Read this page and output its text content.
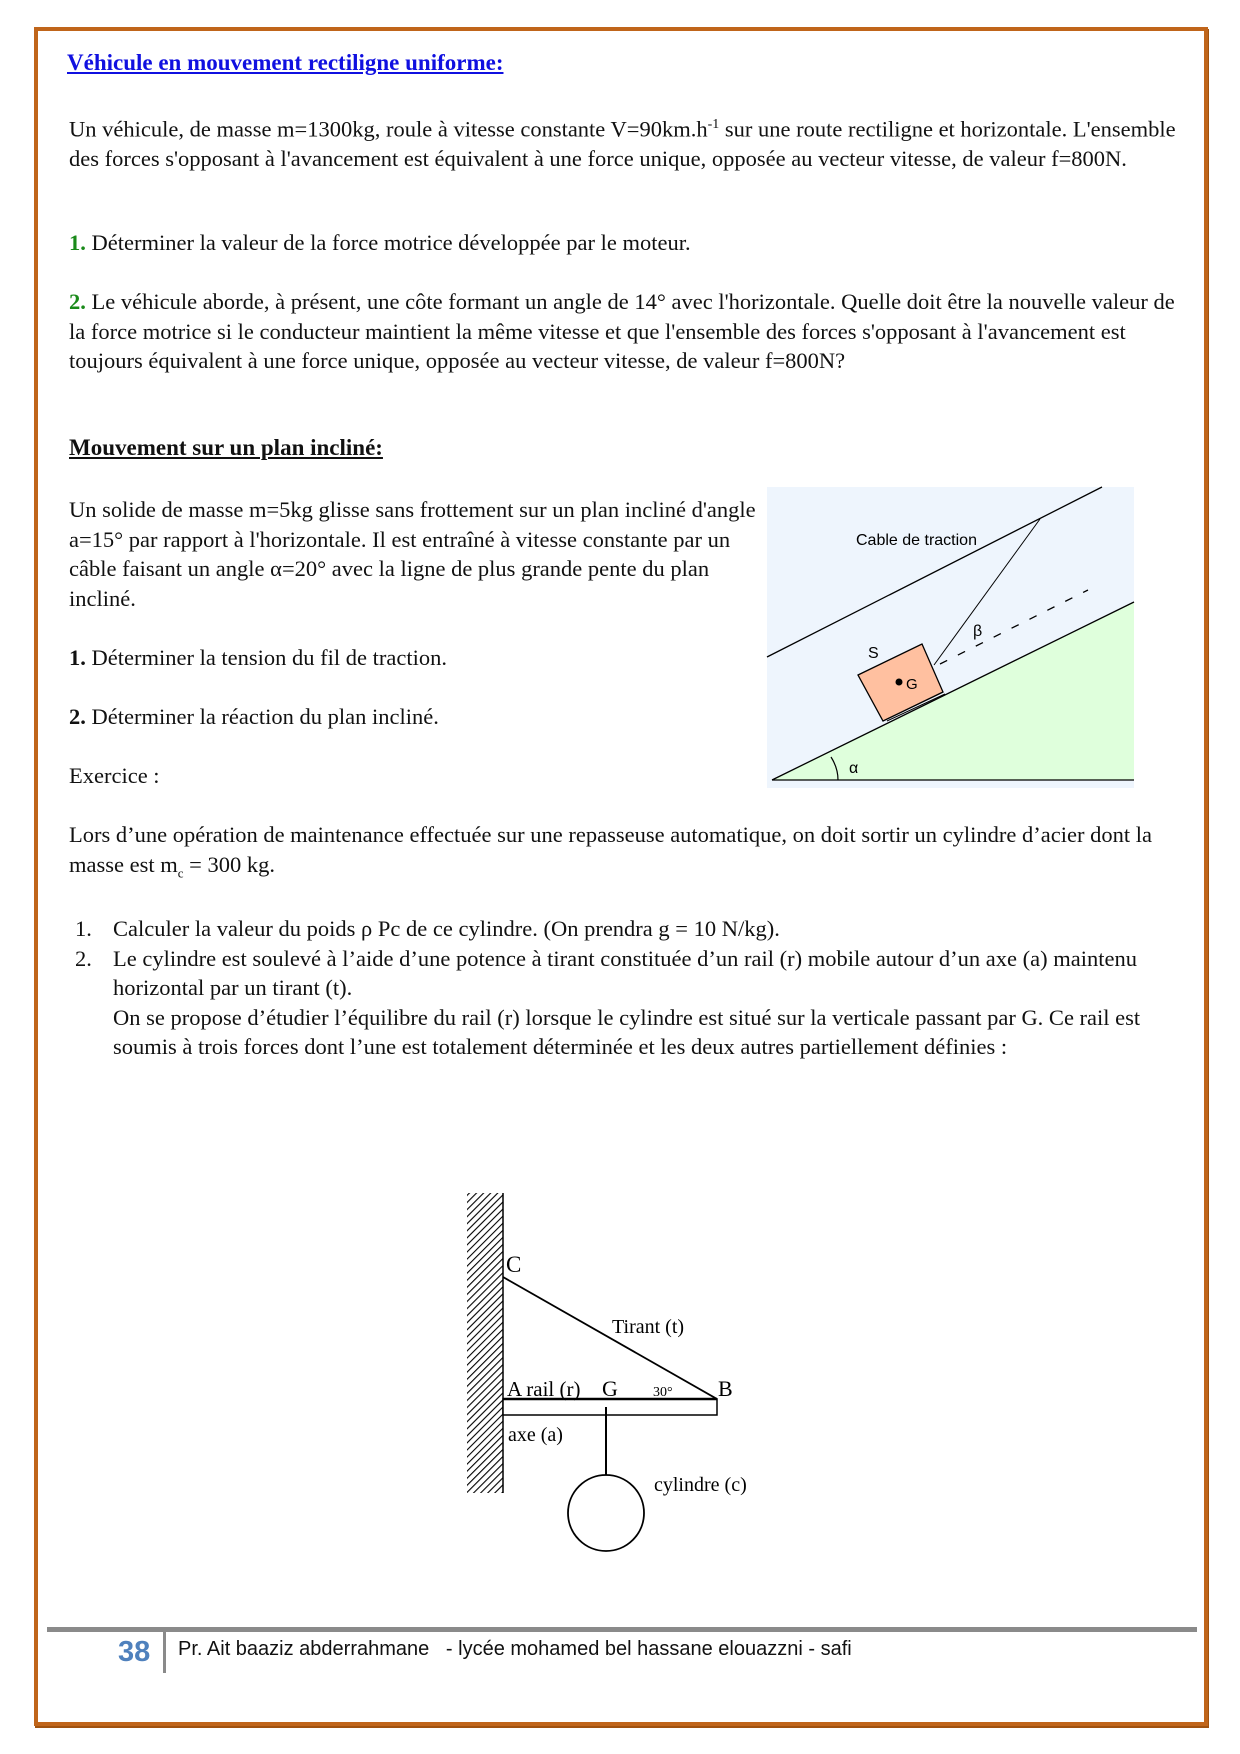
Véhicule en mouvement rectiligne uniforme:

Un véhicule, de masse m=1300kg, roule à vitesse constante $V=90km.h^{-1}$ sur une route rectiligne et horizontale. L'ensemble des forces s'opposant à l'avancement est équivalent à une force unique, opposée au vecteur vitesse, de valeur f=800N.

1. Déterminer la valeur de la force motrice développée par le moteur.

2. Le véhicule aborde, à présent, une côte formant un angle de 14° avec l'horizontale. Quelle doit être la nouvelle valeur de la force motrice si le conducteur maintient la même vitesse et que l'ensemble des forces s'opposant à l'avancement est toujours équivalent à une force unique, opposée au vecteur vitesse, de valeur f=800N?

Mouvement sur un plan incliné:

Un solide de masse m=5kg glisse sans frottement sur un plan incliné d'angle a=15° par rapport à l'horizontale. Il est entraîné à vitesse constante par un câble faisant un angle α=20° avec la ligne de plus grande pente du plan incliné.

1. Déterminer la tension du fil de traction.

2. Déterminer la réaction du plan incliné.

Exercice :

Cable de traction
S
G
β
α

Lors d’une opération de maintenance effectuée sur une repasseuse automatique, on doit sortir un cylindre d’acier dont la masse est $m_c = 300$ kg.

1. Calculer la valeur du poids ρ Pc de ce cylindre. (On prendra g = 10 N/kg).
2. Le cylindre est soulevé à l’aide d’une potence à tirant constituée d’un rail (r) mobile autour d’un axe (a) maintenu horizontal par un tirant (t).
On se propose d’étudier l’équilibre du rail (r) lorsque le cylindre est situé sur la verticale passant par G. Ce rail est soumis à trois forces dont l’une est totalement déterminée et les deux autres partiellement définies :
C
Tirant (t)
A rail (r) G	30° B
axe (a)
cylindre (c)
38 Pr. Ait baaziz abderrahmane   - lycée mohamed bel hassane elouazzni - safi
